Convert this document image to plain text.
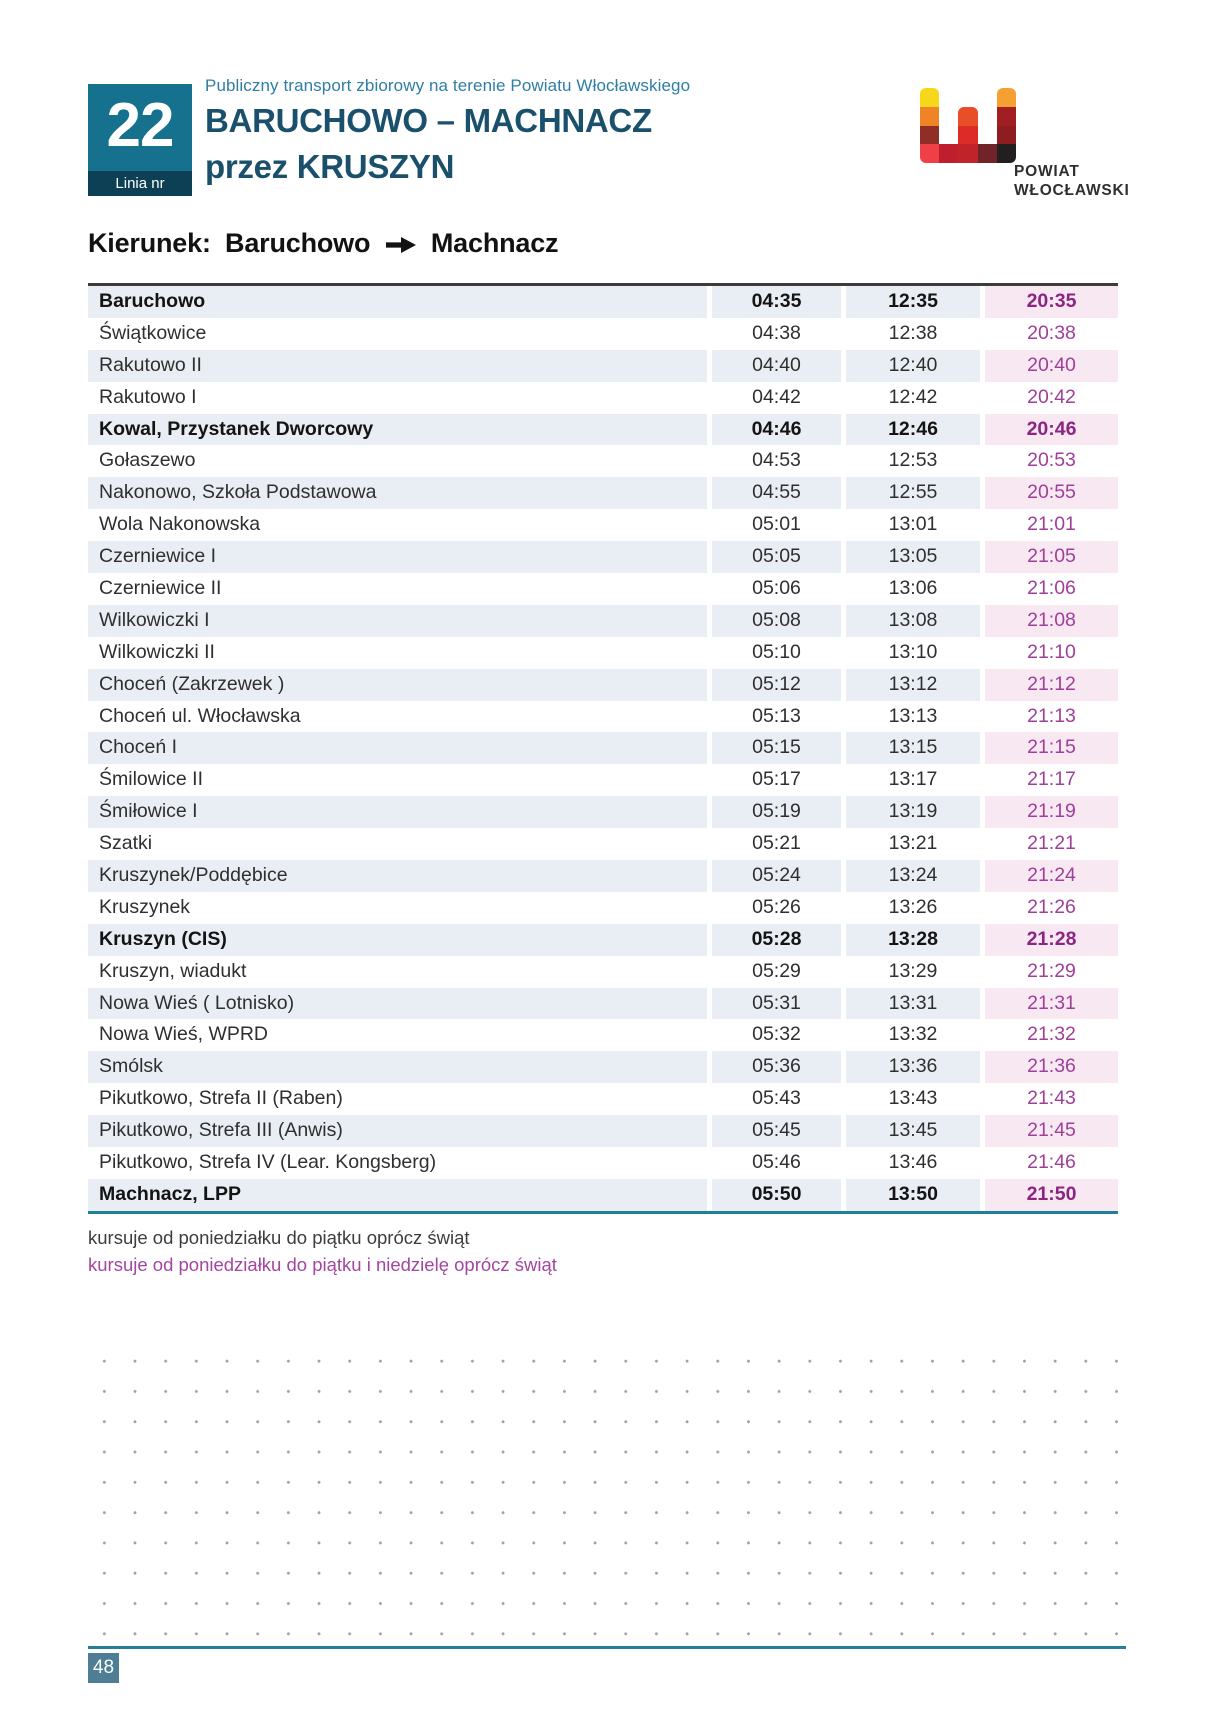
22
Linia nr
Publiczny transport zbiorowy na terenie Powiatu Włocławskiego
BARUCHOWO – MACHNACZ
przez KRUSZYN	POWIAT
WŁOCŁAWSKI
Kierunek: Baruchowo Machnacz
Baruchowo	04:35	12:35	20:35
Świątkowice	04:38	12:38	20:38
Rakutowo II	04:40	12:40	20:40
Rakutowo I	04:42	12:42	20:42
Kowal, Przystanek Dworcowy	04:46	12:46	20:46
Gołaszewo	04:53	12:53	20:53
Nakonowo, Szkoła Podstawowa	04:55	12:55	20:55
Wola Nakonowska	05:01	13:01	21:01
Czerniewice I	05:05	13:05	21:05
Czerniewice II	05:06	13:06	21:06
Wilkowiczki I	05:08	13:08	21:08
Wilkowiczki II	05:10	13:10	21:10
Choceń (Zakrzewek )	05:12	13:12	21:12
Choceń ul. Włocławska	05:13	13:13	21:13
Choceń I	05:15	13:15	21:15
Śmilowice II	05:17	13:17	21:17
Śmiłowice I	05:19	13:19	21:19
Szatki	05:21	13:21	21:21
Kruszynek/Poddębice	05:24	13:24	21:24
Kruszynek	05:26	13:26	21:26
Kruszyn (CIS)	05:28	13:28	21:28
Kruszyn, wiadukt	05:29	13:29	21:29
Nowa Wieś ( Lotnisko)	05:31	13:31	21:31
Nowa Wieś, WPRD	05:32	13:32	21:32
Smólsk	05:36	13:36	21:36
Pikutkowo, Strefa II (Raben)	05:43	13:43	21:43
Pikutkowo, Strefa III (Anwis)	05:45	13:45	21:45
Pikutkowo, Strefa IV (Lear. Kongsberg)	05:46	13:46	21:46
Machnacz, LPP	05:50	13:50	21:50
kursuje od poniedziałku do piątku oprócz świąt
kursuje od poniedziałku do piątku i niedzielę oprócz świąt
48
